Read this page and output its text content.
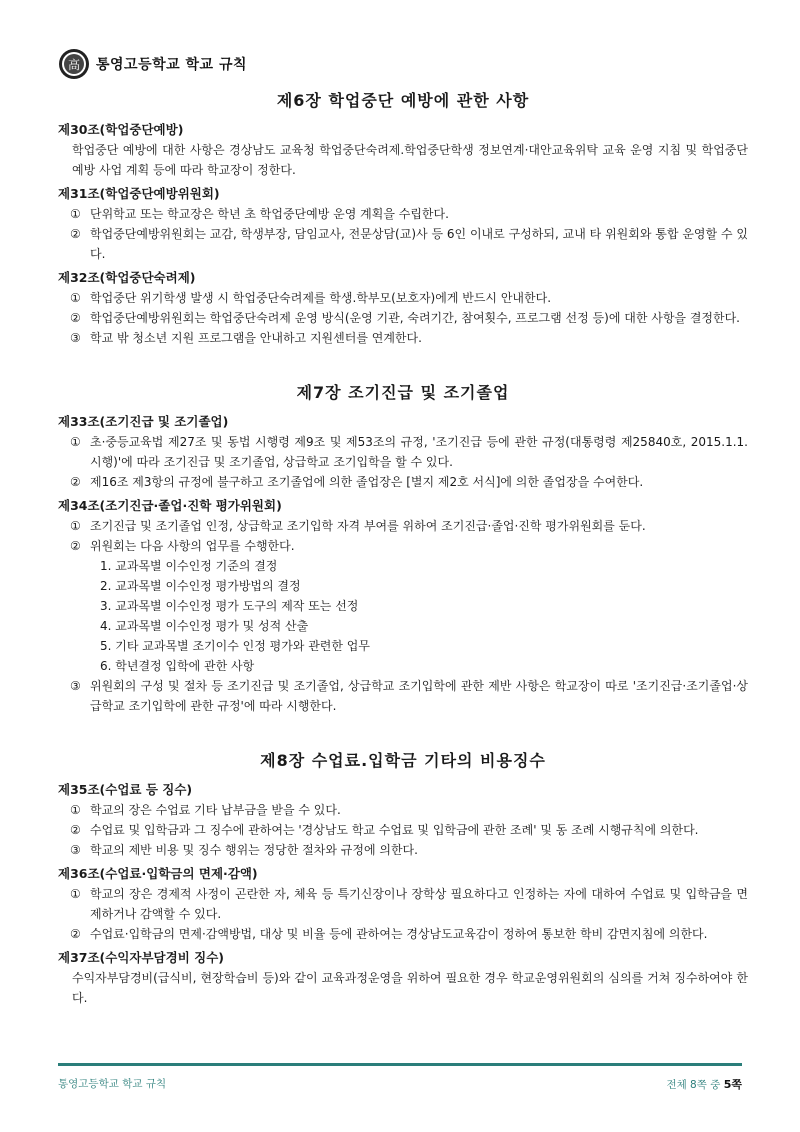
高 통영고등학교 학교 규칙
제6장 학업중단 예방에 관한 사항

제30조(학업중단예방)

학업중단 예방에 대한 사항은 경상남도 교육청 학업중단숙려제.학업중단학생 정보연계·대안교육위탁 교육 운영 지침 및 학업중단예방 사업 계획 등에 따라 학교장이 정한다.

제31조(학업중단예방위원회)

① 단위학교 또는 학교장은 학년 초 학업중단예방 운영 계획을 수립한다.
② 학업중단예방위원회는 교감, 학생부장, 담임교사, 전문상담(교)사 등 6인 이내로 구성하되, 교내 타 위원회와 통합 운영할 수 있다.

제32조(학업중단숙려제)

① 학업중단 위기학생 발생 시 학업중단숙려제를 학생.학부모(보호자)에게 반드시 안내한다.
② 학업중단예방위원회는 학업중단숙려제 운영 방식(운영 기관, 숙려기간, 참여횟수, 프로그램 선정 등)에 대한 사항을 결정한다.
③ 학교 밖 청소년 지원 프로그램을 안내하고 지원센터를 연계한다.
제7장 조기진급 및 조기졸업

제33조(조기진급 및 조기졸업)

① 초·중등교육법 제27조 및 동법 시행령 제9조 및 제53조의 규정, '조기진급 등에 관한 규정(대통령령 제25840호, 2015.1.1. 시행)'에 따라 조기진급 및 조기졸업, 상급학교 조기입학을 할 수 있다.
② 제16조 제3항의 규정에 불구하고 조기졸업에 의한 졸업장은 [별지 제2호 서식]에 의한 졸업장을 수여한다.

제34조(조기진급·졸업·진학 평가위원회)

① 조기진급 및 조기졸업 인정, 상급학교 조기입학 자격 부여를 위하여 조기진급·졸업·진학 평가위원회를 둔다.
② 위원회는 다음 사항의 업무를 수행한다.
1. 교과목별 이수인정 기준의 결정
2. 교과목별 이수인정 평가방법의 결정
3. 교과목별 이수인정 평가 도구의 제작 또는 선정
4. 교과목별 이수인정 평가 및 성적 산출
5. 기타 교과목별 조기이수 인정 평가와 관련한 업무
6. 학년결정 입학에 관한 사항
③ 위원회의 구성 및 절차 등 조기진급 및 조기졸업, 상급학교 조기입학에 관한 제반 사항은 학교장이 따로 '조기진급·조기졸업·상급학교 조기입학에 관한 규정'에 따라 시행한다.
제8장 수업료.입학금 기타의 비용징수

제35조(수업료 등 징수)

① 학교의 장은 수업료 기타 납부금을 받을 수 있다.
② 수업료 및 입학금과 그 징수에 관하여는 '경상남도 학교 수업료 및 입학금에 관한 조례' 및 동 조례 시행규칙에 의한다.
③ 학교의 제반 비용 및 징수 행위는 정당한 절차와 규정에 의한다.

제36조(수업료·입학금의 면제·감액)

① 학교의 장은 경제적 사정이 곤란한 자, 체육 등 특기신장이나 장학상 필요하다고 인정하는 자에 대하여 수업료 및 입학금을 면제하거나 감액할 수 있다.
② 수업료·입학금의 면제·감액방법, 대상 및 비율 등에 관하여는 경상남도교육감이 정하여 통보한 학비 감면지침에 의한다.

제37조(수익자부담경비 징수)

수익자부담경비(급식비, 현장학습비 등)와 같이 교육과정운영을 위하여 필요한 경우 학교운영위원회의 심의를 거쳐 징수하여야 한다.

통영고등학교 학교 규칙	전체 8쪽 중 5쪽
